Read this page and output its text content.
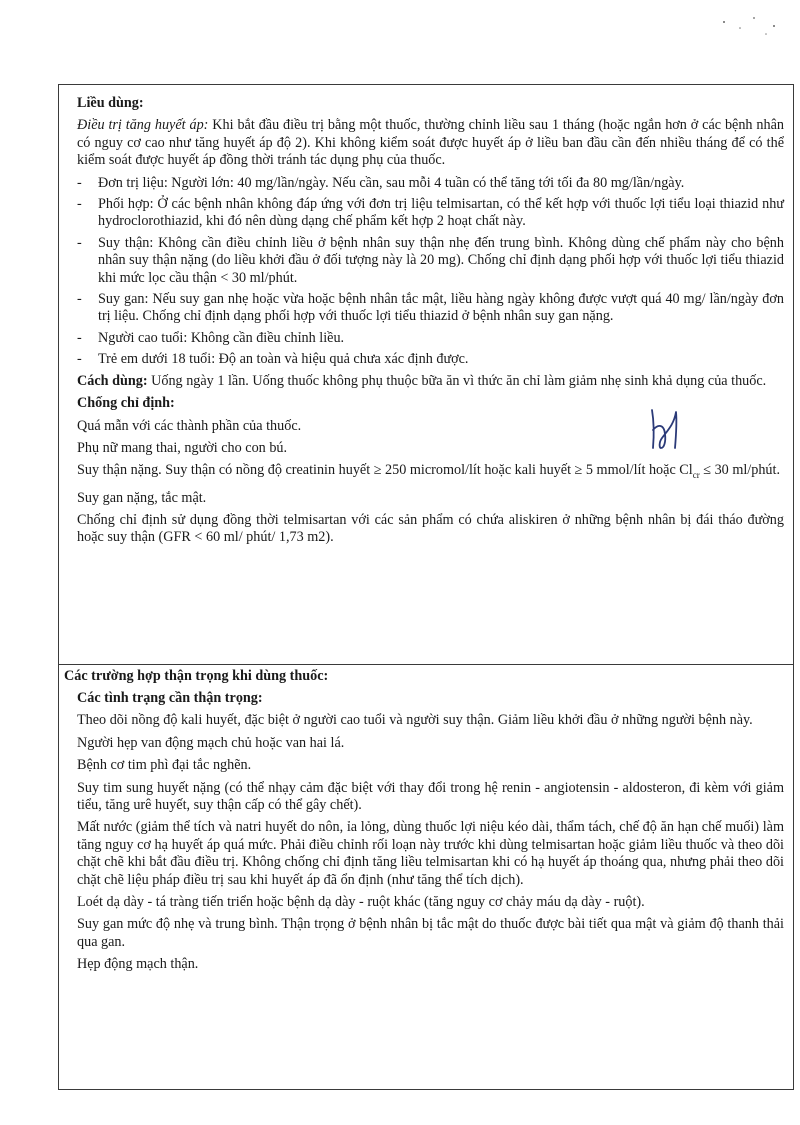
Liều dùng:

Điều trị tăng huyết áp: Khi bắt đầu điều trị bằng một thuốc, thường chỉnh liều sau 1 tháng (hoặc ngắn hơn ở các bệnh nhân có nguy cơ cao như tăng huyết áp độ 2). Khi không kiểm soát được huyết áp ở liều ban đầu cần đến nhiều tháng để có thể kiểm soát được huyết áp đồng thời tránh tác dụng phụ của thuốc.

- Đơn trị liệu: Người lớn: 40 mg/lần/ngày. Nếu cần, sau mỗi 4 tuần có thể tăng tới tối đa 80 mg/lần/ngày.
- Phối hợp: Ở các bệnh nhân không đáp ứng với đơn trị liệu telmisartan, có thể kết hợp với thuốc lợi tiểu loại thiazid như hydroclorothiazid, khi đó nên dùng dạng chế phẩm kết hợp 2 hoạt chất này.
- Suy thận: Không cần điều chỉnh liều ở bệnh nhân suy thận nhẹ đến trung bình. Không dùng chế phẩm này cho bệnh nhân suy thận nặng (do liều khởi đầu ở đối tượng này là 20 mg). Chống chỉ định dạng phối hợp với thuốc lợi tiểu thiazid khi mức lọc cầu thận < 30 ml/phút.
- Suy gan: Nếu suy gan nhẹ hoặc vừa hoặc bệnh nhân tắc mật, liều hàng ngày không được vượt quá 40 mg/ lần/ngày đơn trị liệu. Chống chỉ định dạng phối hợp với thuốc lợi tiểu thiazid ở bệnh nhân suy gan nặng.
- Người cao tuổi: Không cần điều chỉnh liều.
- Trẻ em dưới 18 tuổi: Độ an toàn và hiệu quả chưa xác định được.

Cách dùng: Uống ngày 1 lần. Uống thuốc không phụ thuộc bữa ăn vì thức ăn chỉ làm giảm nhẹ sinh khả dụng của thuốc.

Chống chỉ định:

Quá mẫn với các thành phần của thuốc.

Phụ nữ mang thai, người cho con bú.

Suy thận nặng. Suy thận có nồng độ creatinin huyết ≥ 250 micromol/lít hoặc kali huyết ≥ 5 mmol/lít hoặc $Cl_{cr} \le 30$ ml/phút.

Suy gan nặng, tắc mật.

Chống chỉ định sử dụng đồng thời telmisartan với các sản phẩm có chứa aliskiren ở những bệnh nhân bị đái tháo đường hoặc suy thận (GFR < 60 ml/ phút/ 1,73 m2).

Các trường hợp thận trọng khi dùng thuốc:

Các tình trạng cần thận trọng:

Theo dõi nồng độ kali huyết, đặc biệt ở người cao tuổi và người suy thận. Giảm liều khởi đầu ở những người bệnh này.

Người hẹp van động mạch chủ hoặc van hai lá.

Bệnh cơ tim phì đại tắc nghẽn.

Suy tim sung huyết nặng (có thể nhạy cảm đặc biệt với thay đổi trong hệ renin - angiotensin - aldosteron, đi kèm với giảm tiểu, tăng urê huyết, suy thận cấp có thể gây chết).

Mất nước (giảm thể tích và natri huyết do nôn, ỉa lỏng, dùng thuốc lợi niệu kéo dài, thẩm tách, chế độ ăn hạn chế muối) làm tăng nguy cơ hạ huyết áp quá mức. Phải điều chỉnh rối loạn này trước khi dùng telmisartan hoặc giảm liều thuốc và theo dõi chặt chẽ khi bắt đầu điều trị. Không chống chỉ định tăng liều telmisartan khi có hạ huyết áp thoáng qua, nhưng phải theo dõi chặt chẽ liệu pháp điều trị sau khi huyết áp đã ổn định (như tăng thể tích dịch).

Loét dạ dày - tá tràng tiến triển hoặc bệnh dạ dày - ruột khác (tăng nguy cơ chảy máu dạ dày - ruột).

Suy gan mức độ nhẹ và trung bình. Thận trọng ở bệnh nhân bị tắc mật do thuốc được bài tiết qua mật và giảm độ thanh thải qua gan.

Hẹp động mạch thận.
